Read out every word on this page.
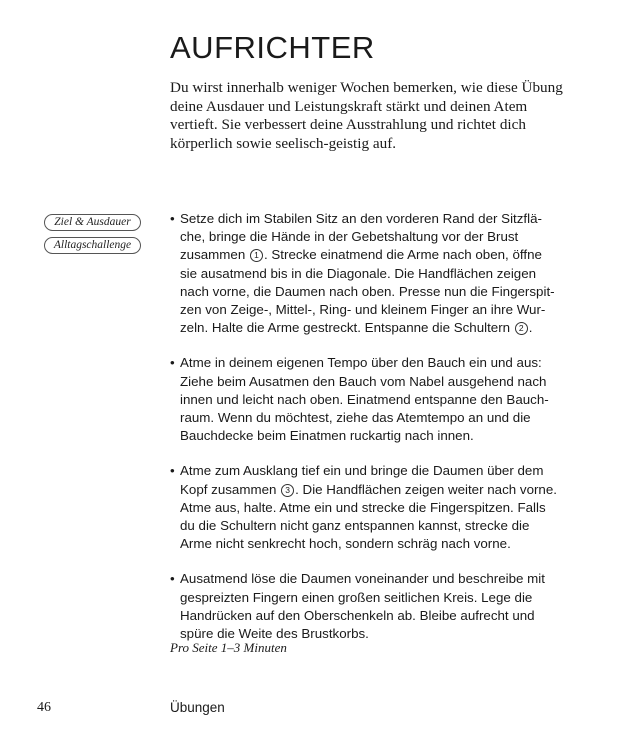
AUFRICHTER

Du wirst innerhalb weniger Wochen bemerken, wie diese Übung deine Ausdauer und Leistungskraft stärkt und deinen Atem vertieft. Sie verbessert deine Ausstrahlung und richtet dich körperlich sowie seelisch-geistig auf.

Ziel & Ausdauer
Alltagschallenge
• Setze dich im Stabilen Sitz an den vorderen Rand der Sitzflä-
che, bringe die Hände in der Gebetshaltung vor der Brust
zusammen 1 . Strecke einatmend die Arme nach oben, öffne
sie ausatmend bis in die Diagonale. Die Handflächen zeigen
nach vorne, die Daumen nach oben. Presse nun die Fingerspit-
zen von Zeige-, Mittel-, Ring- und kleinem Finger an ihre Wur-
zeln. Halte die Arme gestreckt. Entspanne die Schultern 2 .
• Atme in deinem eigenen Tempo über den Bauch ein und aus:
Ziehe beim Ausatmen den Bauch vom Nabel ausgehend nach
innen und leicht nach oben. Einatmend entspanne den Bauch-
raum. Wenn du möchtest, ziehe das Atemtempo an und die
Bauchdecke beim Einatmen ruckartig nach innen.
• Atme zum Ausklang tief ein und bringe die Daumen über dem
Kopf zusammen 3 . Die Handflächen zeigen weiter nach vorne.
Atme aus, halte. Atme ein und strecke die Fingerspitzen. Falls
du die Schultern nicht ganz entspannen kannst, strecke die
Arme nicht senkrecht hoch, sondern schräg nach vorne.
• Ausatmend löse die Daumen voneinander und beschreibe mit
gespreizten Fingern einen großen seitlichen Kreis. Lege die
Handrücken auf den Oberschenkeln ab. Bleibe aufrecht und
spüre die Weite des Brustkorbs.
Pro Seite 1–3 Minuten
46	Übungen
